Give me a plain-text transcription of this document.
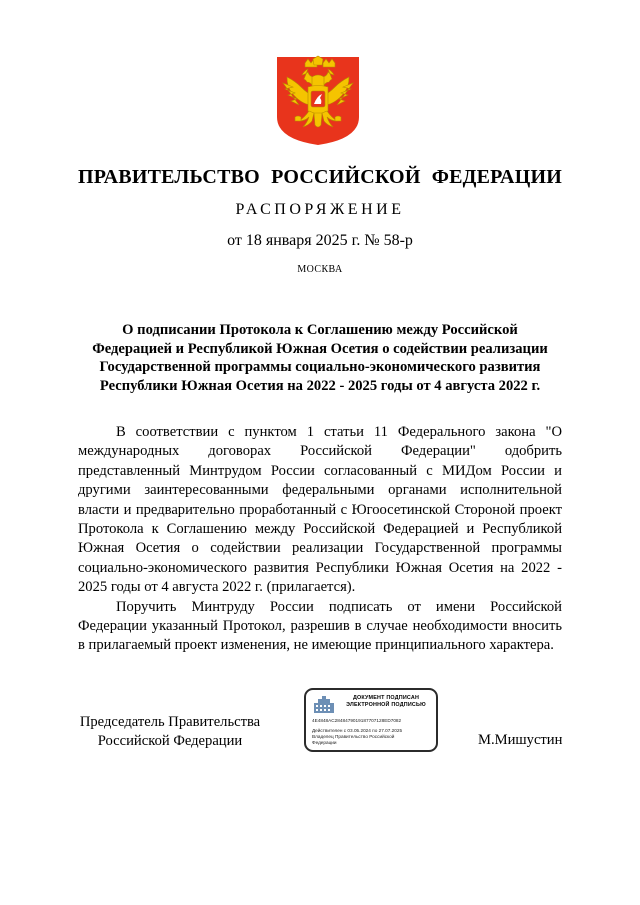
ПРАВИТЕЛЬСТВО РОССИЙСКОЙ ФЕДЕРАЦИИ
РАСПОРЯЖЕНИЕ
от 18 января 2025 г. № 58-р
МОСКВА
О подписании Протокола к Соглашению между Российской
Федерацией и Республикой Южная Осетия о содействии реализации
Государственной программы социально-экономического развития
Республики Южная Осетия на 2022 - 2025 годы от 4 августа 2022 г.

В соответствии с пунктом 1 статьи 11 Федерального закона "О международных договорах Российской Федерации" одобрить представленный Минтрудом России согласованный с МИДом России и другими заинтересованными федеральными органами исполнительной власти и предварительно проработанный с Югоосетинской Стороной проект Протокола к Соглашению между Российской Федерацией и Республикой Южная Осетия о содействии реализации Государственной программы социально-экономического развития Республики Южная Осетия на 2022 - 2025 годы от 4 августа 2022 г. (прилагается).

Поручить Минтруду России подписать от имени Российской Федерации указанный Протокол, разрешив в случае необходимости вносить в прилагаемый проект изменения, не имеющие принципиального характера.

Председатель Правительства
Российской Федерации
ДОКУМЕНТ ПОДПИСАН
ЭЛЕКТРОННОЙ ПОДПИСЬЮ
4E4848AC2848479019187707128ED7082
Действителен с 03.05.2024 по 27.07.2025
Владелец Правительство Российской Федерации	М.Мишустин
